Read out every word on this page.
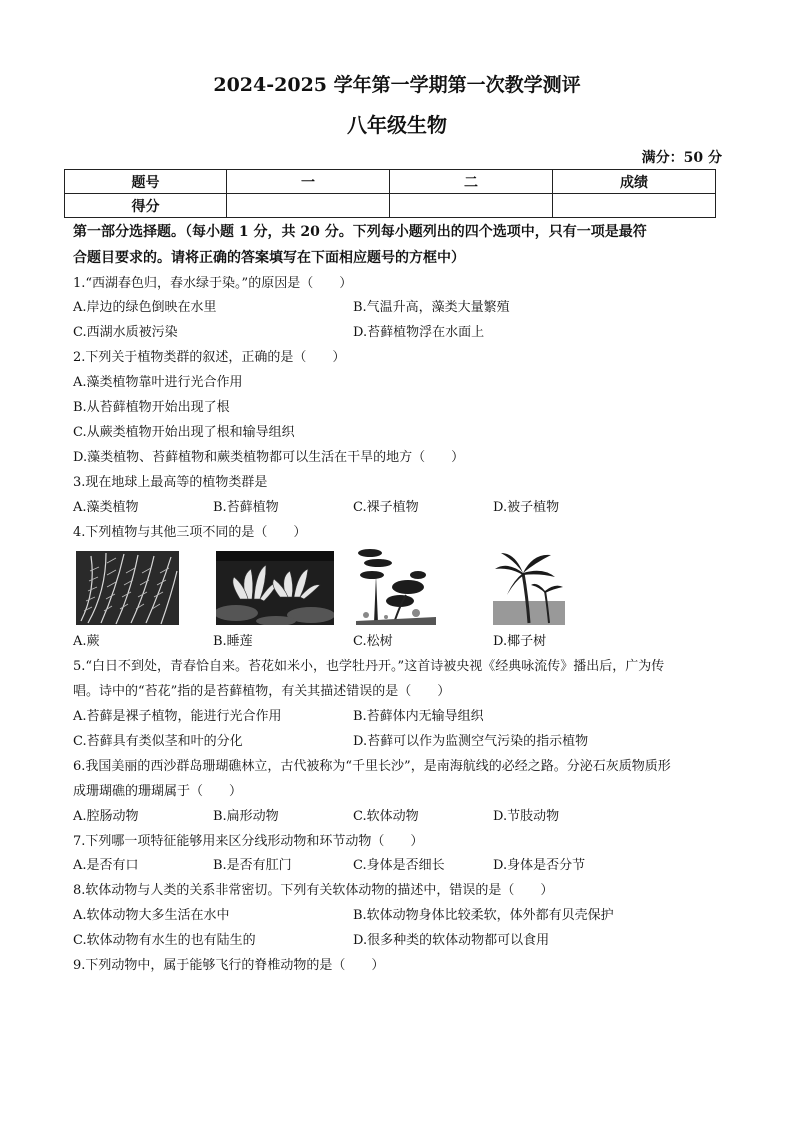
2024-2025 学年第一学期第一次教学测评
八年级生物
满分：50 分
题号	一	二	成绩
得分			
第一部分选择题。（每小题 1 分，共 20 分。下列每小题列出的四个选项中，只有一项是最符
合题目要求的。请将正确的答案填写在下面相应题号的方框中）
1.“西湖春色归，春水绿于染。”的原因是（　　）
A.岸边的绿色倒映在水里	B.气温升高，藻类大量繁殖
C.西湖水质被污染	D.苔藓植物浮在水面上
2.下列关于植物类群的叙述，正确的是（　　）
A.藻类植物靠叶进行光合作用
B.从苔藓植物开始出现了根
C.从蕨类植物开始出现了根和输导组织
D.藻类植物、苔藓植物和蕨类植物都可以生活在干旱的地方（　　）
3.现在地球上最高等的植物类群是
A.藻类植物	B.苔藓植物	C.裸子植物	D.被子植物
4.下列植物与其他三项不同的是（　　）
A.蕨	B.睡莲	C.松树	D.椰子树
5.“白日不到处，青春恰自来。苔花如米小，也学牡丹开。”这首诗被央视《经典咏流传》播出后，广为传
唱。诗中的“苔花”指的是苔藓植物，有关其描述错误的是（　　）
A.苔藓是裸子植物，能进行光合作用	B.苔藓体内无输导组织
C.苔藓具有类似茎和叶的分化	D.苔藓可以作为监测空气污染的指示植物
6.我国美丽的西沙群岛珊瑚礁林立，古代被称为“千里长沙”，是南海航线的必经之路。分泌石灰质物质形
成珊瑚礁的珊瑚属于（　　）
A.腔肠动物	B.扁形动物	C.软体动物	D.节肢动物
7.下列哪一项特征能够用来区分线形动物和环节动物（　　）
A.是否有口	B.是否有肛门	C.身体是否细长	D.身体是否分节
8.软体动物与人类的关系非常密切。下列有关软体动物的描述中，错误的是（　　）
A.软体动物大多生活在水中	B.软体动物身体比较柔软，体外都有贝壳保护
C.软体动物有水生的也有陆生的	D.很多种类的软体动物都可以食用
9.下列动物中，属于能够飞行的脊椎动物的是（　　）
